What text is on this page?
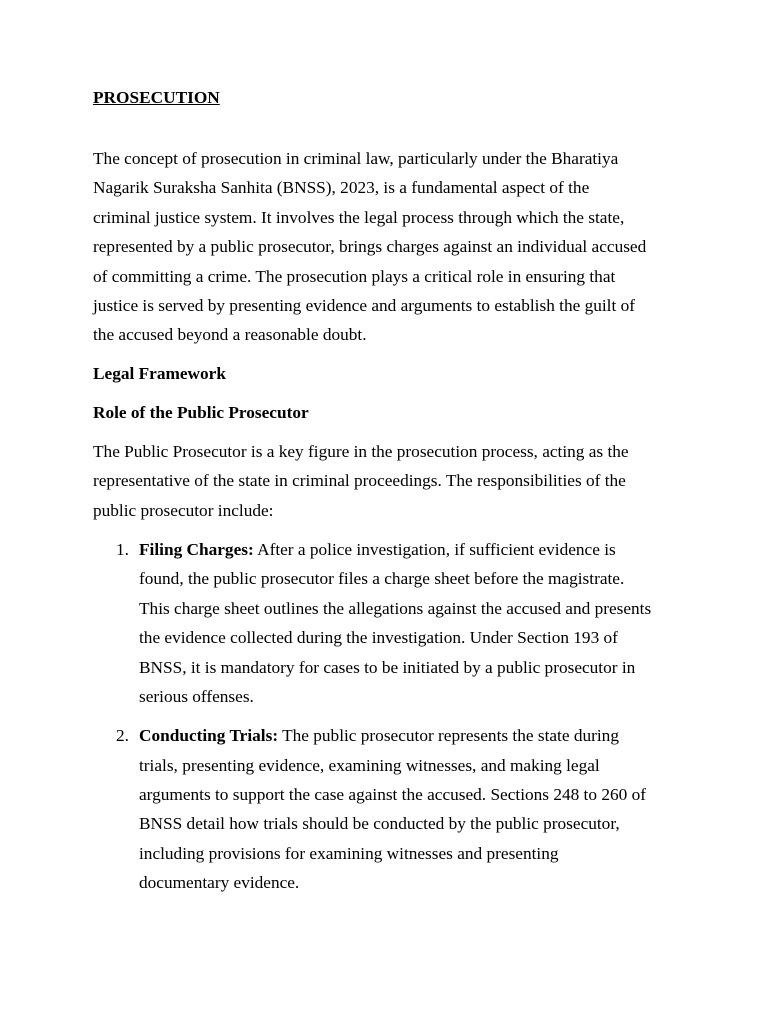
PROSECUTION

The concept of prosecution in criminal law, particularly under the Bharatiya
Nagarik Suraksha Sanhita (BNSS), 2023, is a fundamental aspect of the
criminal justice system. It involves the legal process through which the state,
represented by a public prosecutor, brings charges against an individual accused
of committing a crime. The prosecution plays a critical role in ensuring that
justice is served by presenting evidence and arguments to establish the guilt of
the accused beyond a reasonable doubt.

Legal Framework

Role of the Public Prosecutor

The Public Prosecutor is a key figure in the prosecution process, acting as the
representative of the state in criminal proceedings. The responsibilities of the
public prosecutor include:

1. Filing Charges: After a police investigation, if sufficient evidence is
found, the public prosecutor files a charge sheet before the magistrate.
This charge sheet outlines the allegations against the accused and presents
the evidence collected during the investigation. Under Section 193 of
BNSS, it is mandatory for cases to be initiated by a public prosecutor in
serious offenses.
2. Conducting Trials: The public prosecutor represents the state during
trials, presenting evidence, examining witnesses, and making legal
arguments to support the case against the accused. Sections 248 to 260 of
BNSS detail how trials should be conducted by the public prosecutor,
including provisions for examining witnesses and presenting
documentary evidence.
